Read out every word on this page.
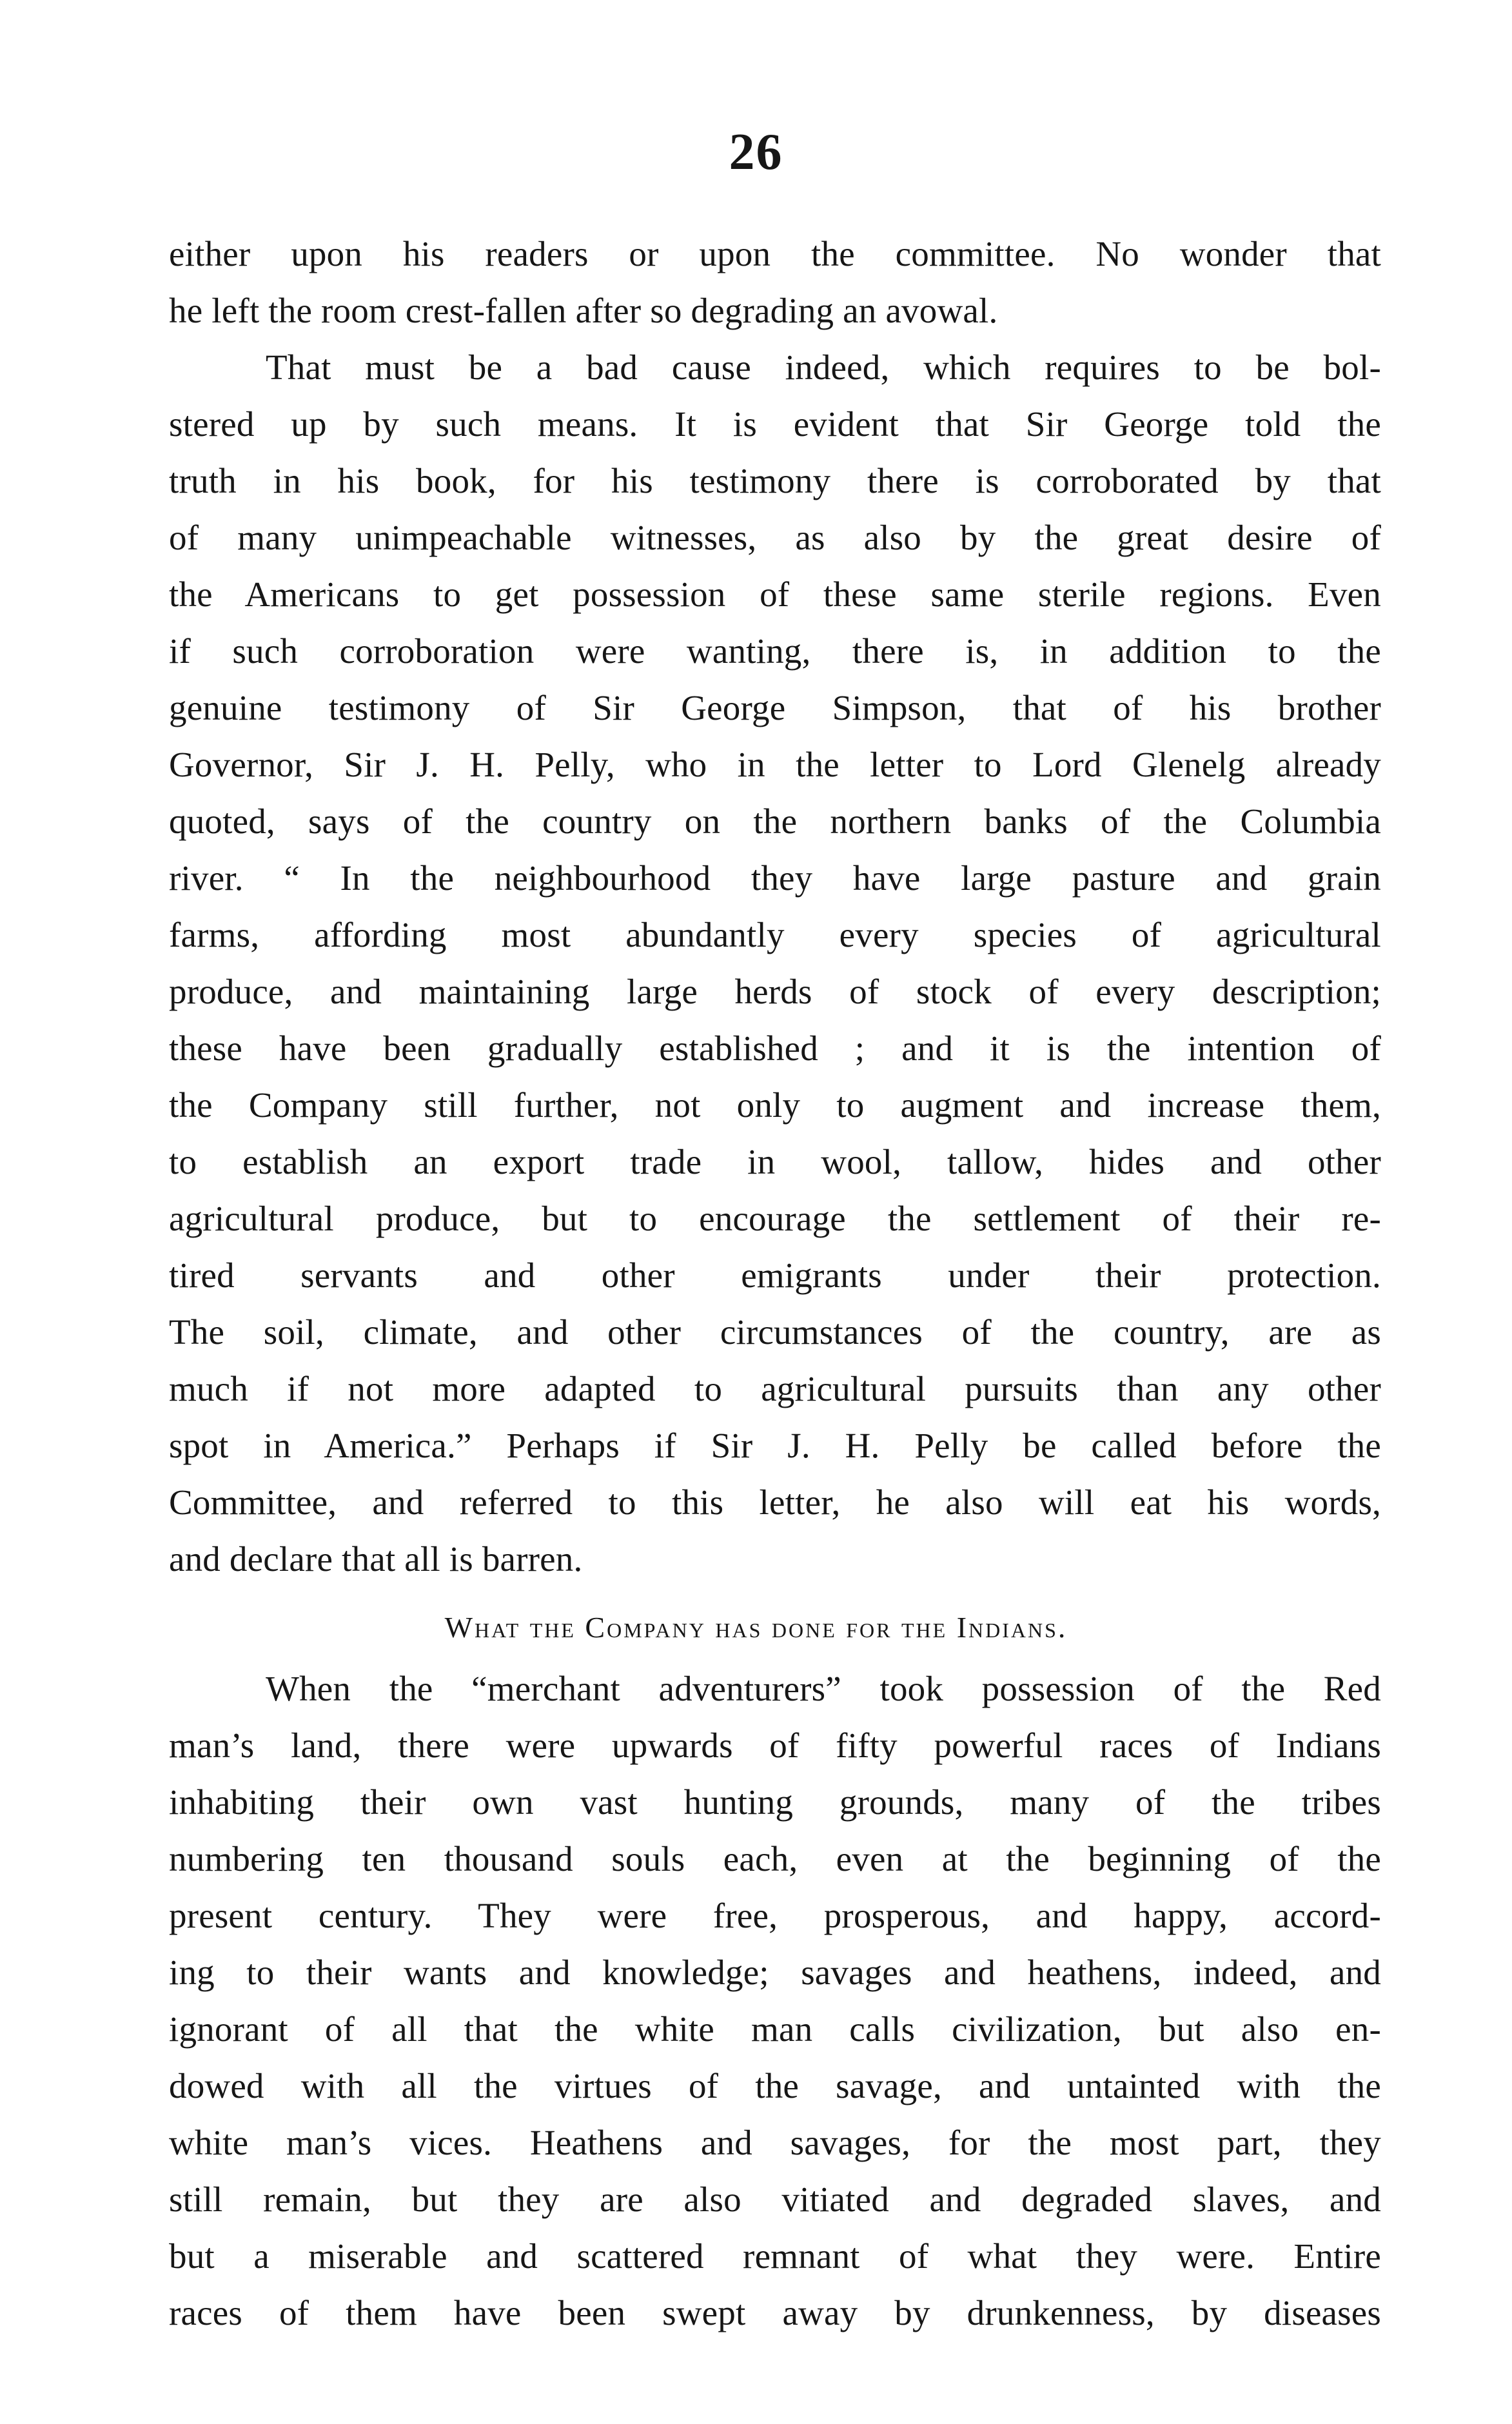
26
either upon his readers or upon the committee. No wonder that
he left the room crest-fallen after so degrading an avowal.
That must be a bad cause indeed, which requires to be bol-
stered up by such means. It is evident that Sir George told the
truth in his book, for his testimony there is corroborated by that
of many unimpeachable witnesses, as also by the great desire of
the Americans to get possession of these same sterile regions. Even
if such corroboration were wanting, there is, in addition to the
genuine testimony of Sir George Simpson, that of his brother
Governor, Sir J. H. Pelly, who in the letter to Lord Glenelg already
quoted, says of the country on the northern banks of the Columbia
river. “ In the neighbourhood they have large pasture and grain
farms, affording most abundantly every species of agricultural
produce, and maintaining large herds of stock of every description;
these have been gradually established ; and it is the intention of
the Company still further, not only to augment and increase them,
to establish an export trade in wool, tallow, hides and other
agricultural produce, but to encourage the settlement of their re-
tired servants and other emigrants under their protection.
The soil, climate, and other circumstances of the country, are as
much if not more adapted to agricultural pursuits than any other
spot in America.” Perhaps if Sir J. H. Pelly be called before the
Committee, and referred to this letter, he also will eat his words,
and declare that all is barren.
What the Company has done for the Indians.
When the “merchant adventurers” took possession of the Red
man’s land, there were upwards of fifty powerful races of Indians
inhabiting their own vast hunting grounds, many of the tribes
numbering ten thousand souls each, even at the beginning of the
present century. They were free, prosperous, and happy, accord-
ing to their wants and knowledge; savages and heathens, indeed, and
ignorant of all that the white man calls civilization, but also en-
dowed with all the virtues of the savage, and untainted with the
white man’s vices. Heathens and savages, for the most part, they
still remain, but they are also vitiated and degraded slaves, and
but a miserable and scattered remnant of what they were. Entire
races of them have been swept away by drunkenness, by diseases
